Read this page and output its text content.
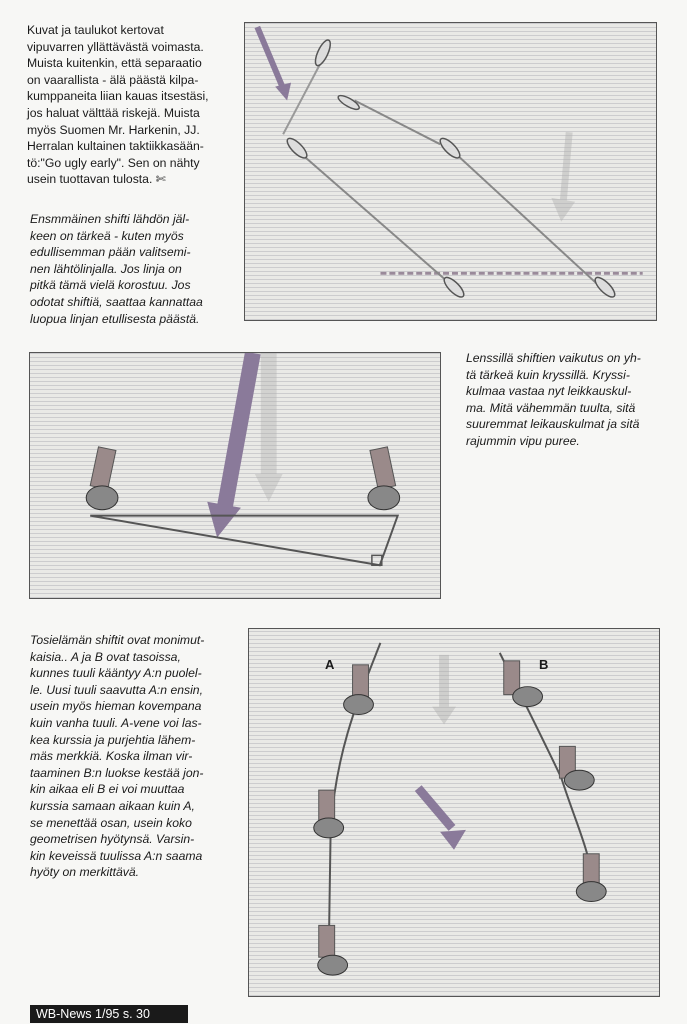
Kuvat ja taulukot kertovat
vipuvarren yllättävästä voimasta.
Muista kuitenkin, että separaatio
on vaarallista - älä päästä kilpa-
kumppaneita liian kauas itsestäsi,
jos haluat välttää riskejä. Muista
myös Suomen Mr. Harkenin, JJ.
Herralan kultainen taktiikkasään-
tö:"Go ugly early". Sen on nähty
usein tuottavan tulosta. ✄

Ensmmäinen shifti lähdön jäl-
keen on tärkeä - kuten myös
edullisemman pään valitsemi-
nen lähtölinjalla. Jos linja on
pitkä tämä vielä korostuu. Jos
odotat shiftiä, saattaa kannattaa
luopua linjan etullisesta päästä.

Lenssillä shiftien vaikutus on yh-
tä tärkeä kuin kryssillä. Kryssi-
kulmaa vastaa nyt leikkauskul-
ma. Mitä vähemmän tuulta, sitä
suuremmat leikauskulmat ja sitä
rajummin vipu puree.

Tosielämän shiftit ovat monimut-
kaisia.. A ja B ovat tasoissa,
kunnes tuuli kääntyy A:n puolel-
le. Uusi tuuli saavutta A:n ensin,
usein myös hieman kovempana
kuin vanha tuuli. A-vene voi las-
kea kurssia ja purjehtia lähem-
mäs merkkiä. Koska ilman vir-
taaminen B:n luokse kestää jon-
kin aikaa eli B ei voi muuttaa
kurssia samaan aikaan kuin A,
se menettää osan, usein koko
geometrisen hyötynsä. Varsin-
kin keveissä tuulissa A:n saama
hyöty on merkittävä.

A	B
WB-News 1/95 s. 30
